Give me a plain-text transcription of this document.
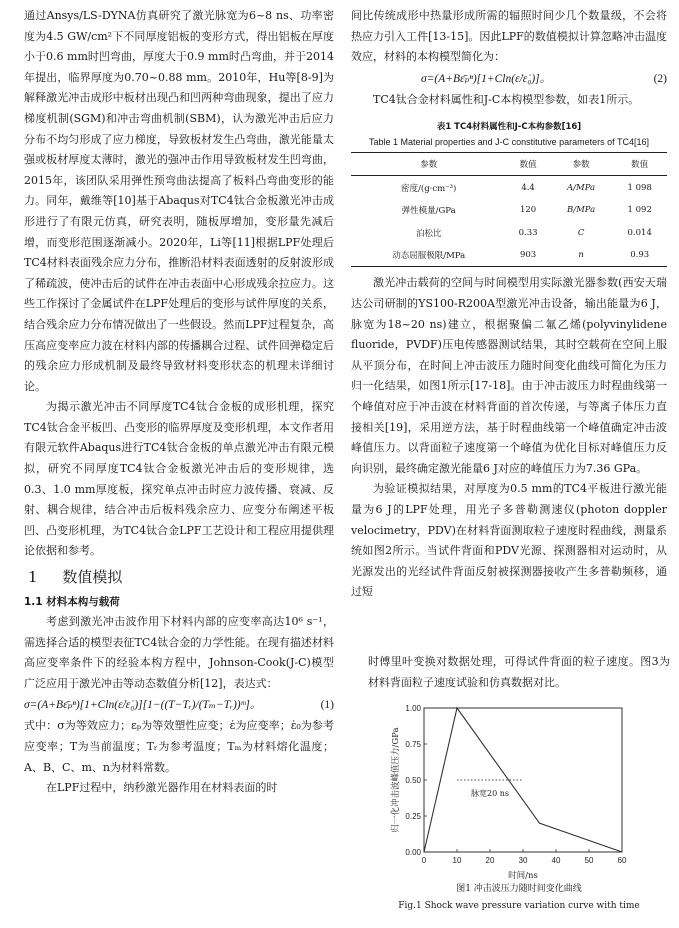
通过Ansys/LS-DYNA仿真研究了激光脉宽为6~8 ns、功率密度为4.5 GW/cm²下不同厚度铝板的变形方式，得出铝板在厚度小于0.6 mm时凹弯曲，厚度大于0.9 mm时凸弯曲，并于2014年提出，临界厚度为0.70~0.88 mm。2010年，Hu等[8-9]为解释激光冲击成形中板材出现凸和凹两种弯曲现象，提出了应力梯度机制(SGM)和冲击弯曲机制(SBM)，认为激光冲击后应力分布不均匀形成了应力梯度，导致板材发生凸弯曲，激光能量太强或板材厚度太薄时，激光的强冲击作用导致板材发生凹弯曲，2015年，该团队采用弹性预弯曲法提高了板料凸弯曲变形的能力。同年，戴维等[10]基于Abaqus对TC4钛合金板激光冲击成形进行了有限元仿真，研究表明，随板厚增加，变形量先减后增，而变形范围逐渐减小。2020年，Li等[11]根据LPF处理后TC4材料表面残余应力分布，推断沿材料表面透射的反射波形成了稀疏波，使冲击后的试件在冲击表面中心形成残余拉应力。这些工作探讨了金属试件在LPF处理后的变形与试件厚度的关系，结合残余应力分布情况做出了一些假设。然而LPF过程复杂，高压高应变率应力波在材料内部的传播耦合过程、试件回弹稳定后的残余应力形成机制及最终导致材料变形状态的机理未详细讨论。

为揭示激光冲击不同厚度TC4钛合金板的成形机理，探究TC4钛合金平板凹、凸变形的临界厚度及变形机理，本文作者用有限元软件Abaqus进行TC4钛合金板的单点激光冲击有限元模拟，研究不同厚度TC4钛合金板激光冲击后的变形规律，选0.3、1.0 mm厚度板，探究单点冲击时应力波传播、衰减、反射、耦合规律，结合冲击后板料残余应力、应变分布阐述平板凹、凸变形机理，为TC4钛合金LPF工艺设计和工程应用提供理论依据和参考。

1 数值模拟
1.1 材料本构与载荷

考虑到激光冲击波作用下材料内部的应变率高达10⁶ s⁻¹，需选择合适的模型表征TC4钛合金的力学性能。在现有描述材料高应变率条件下的经验本构方程中，Johnson-Cook(J-C)模型广泛应用于激光冲击等动态数值分析[12]，表达式：

σ=(A+Bε̄ₚⁿ)[1+Cln(ε̇/ε̇₀)][1−((T−Tᵣ)/(Tₘ−Tᵣ))ᵐ]。	(1)

式中：σ为等效应力；εₚ为等效塑性应变；ε̇为应变率；ε̇₀为参考应变率；T为当前温度；Tᵣ为参考温度；Tₘ为材料熔化温度；A、B、C、m、n为材料常数。

在LPF过程中，纳秒激光器作用在材料表面的时

间比传统成形中热量形成所需的辐照时间少几个数量级，不会将热应力引入工件[13-15]。因此LPF的数值模拟计算忽略冲击温度效应，材料的本构模型简化为：

σ=(A+Bε̄ₚⁿ)[1+Cln(ε̇/ε̇₀)]。	(2)

TC4钛合金材料属性和J-C本构模型参数，如表1所示。

表1 TC4材料属性和J-C本构参数[16]
Table 1 Material properties and J-C constitutive parameters of TC4[16]
参数	数值	参数	数值
密度/(g·cm⁻³)	4.4	A/MPa	1 098
弹性模量/GPa	120	B/MPa	1 092
泊松比	0.33	C	0.014
动态屈服极限/MPa	903	n	0.93

激光冲击载荷的空间与时间模型用实际激光器参数(西安天瑞达公司研制的YS100-R200A型激光冲击设备，输出能量为6 J，脉宽为18~20 ns)建立，根据聚偏二氟乙烯(polyvinylidene fluoride，PVDF)压电传感器测试结果，其时空载荷在空间上服从平顶分布，在时间上冲击波压力随时间变化曲线可简化为压力归一化结果，如图1所示[17-18]。由于冲击波压力时程曲线第一个峰值对应于冲击波在材料背面的首次传递，与等离子体压力直接相关[19]，采用逆方法，基于时程曲线第一个峰值确定冲击波峰值压力。以背面粒子速度第一个峰值为优化目标对峰值压力反向识别，最终确定激光能量6 J对应的峰值压力为7.36 GPa。

为验证模拟结果，对厚度为0.5 mm的TC4平板进行激光能量为6 J的LPF处理，用光子多普勒测速仪(photon doppler velocimetry，PDV)在材料背面测取粒子速度时程曲线，测量系统如图2所示。当试件背面和PDV光源、探测器相对运动时，从光源发出的光经试件背面反射被探测器接收产生多普勒频移，通过短

时傅里叶变换对数据处理，可得试件背面的粒子速度。图3为材料背面粒子速度试验和仿真数据对比。

0	10	20	30	40	50	60
0.00
0.25
0.50
0.75
1.00
脉宽20 ns
时间/ns
归一化冲击波峰值压力/GPa
图1 冲击波压力随时间变化曲线
Fig.1 Shock wave pressure variation curve with time
